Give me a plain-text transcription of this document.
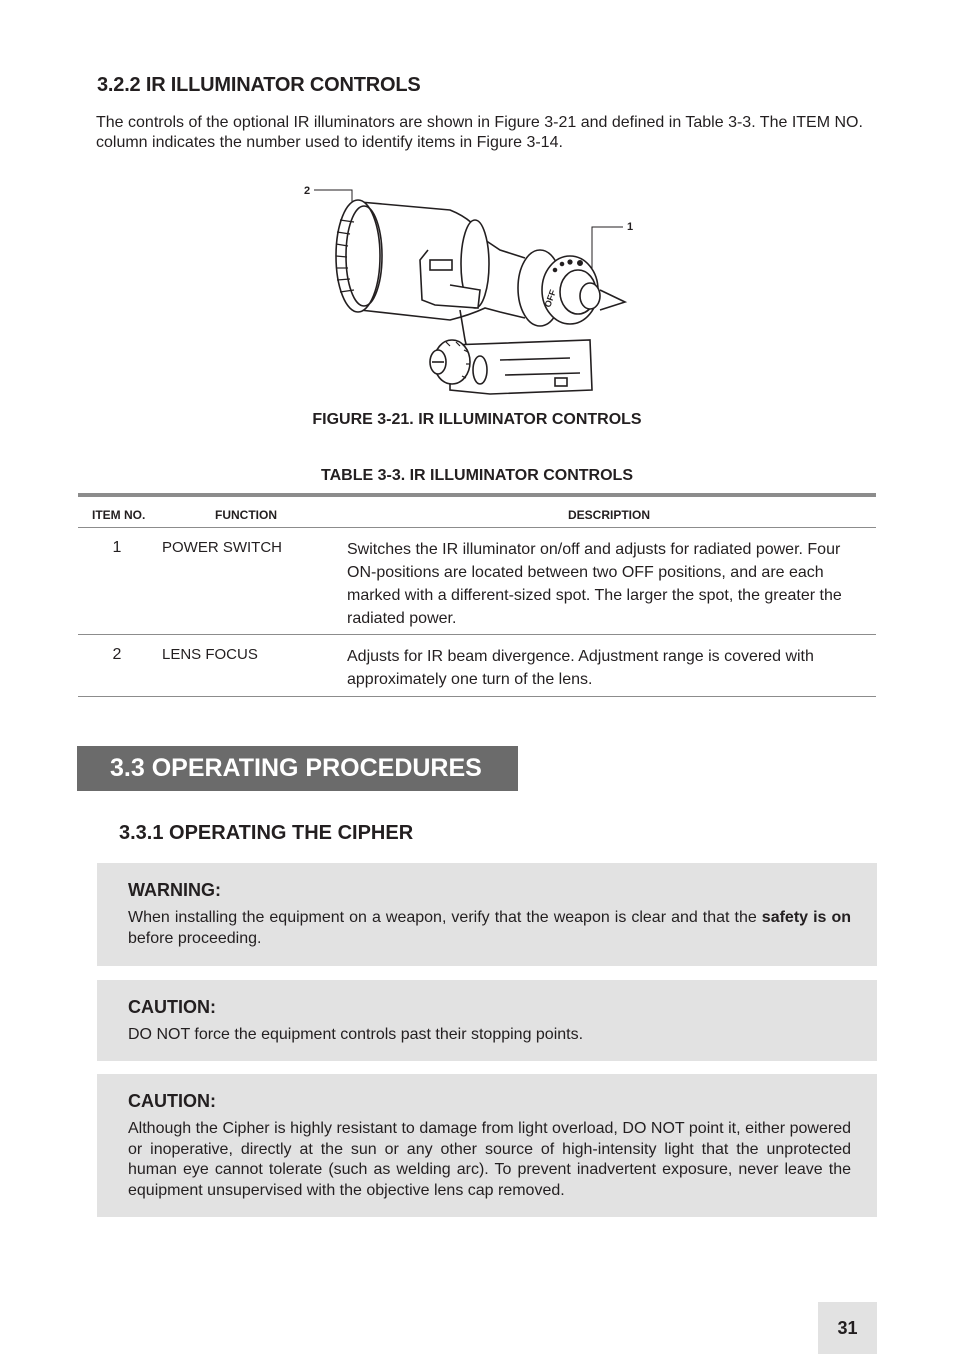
3.2.2 IR ILLUMINATOR CONTROLS
The controls of the optional IR illuminators are shown in Figure 3-21 and defined in Table 3-3. The ITEM NO. column indicates the number used to identify items in Figure 3-14.
2
1
OFF
FIGURE 3-21. IR ILLUMINATOR CONTROLS
TABLE 3-3. IR ILLUMINATOR CONTROLS
ITEM NO.	FUNCTION	DESCRIPTION
1	POWER SWITCH	Switches the IR illuminator on/off and adjusts for radiated power. Four ON-positions are located between two OFF positions, and are each marked with a different-sized spot. The larger the spot, the greater the radiated power.
2	LENS FOCUS	Adjusts for IR beam divergence. Adjustment range is covered with approximately one turn of the lens.
3.3 OPERATING PROCEDURES
3.3.1 OPERATING THE CIPHER
WARNING:
When installing the equipment on a weapon, verify that the weapon is clear and that the safety is on before proceeding.
CAUTION:
DO NOT force the equipment controls past their stopping points.
CAUTION:
Although the Cipher is highly resistant to damage from light overload, DO NOT point it, either powered or inoperative, directly at the sun or any other source of high-intensity light that the unprotected human eye cannot tolerate (such as welding arc). To prevent inadvertent exposure, never leave the equipment unsupervised with the objective lens cap removed.
31
